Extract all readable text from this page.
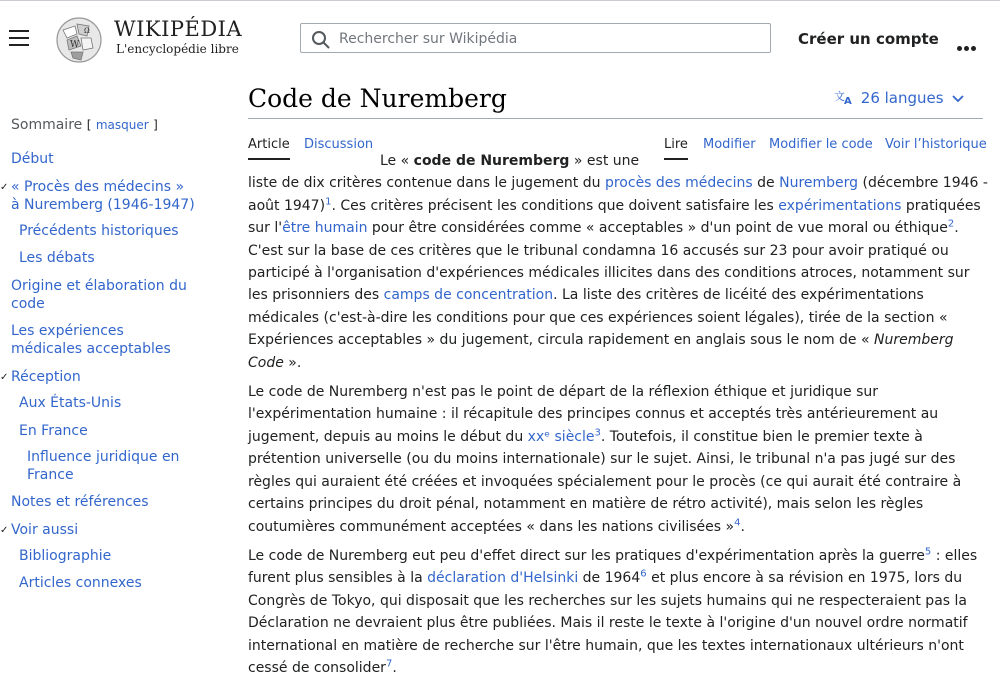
W
Ω WIKIPÉDIA
L'encyclopédie libre
Rechercher sur Wikipédia
Créer un compte
Sommaire [ masquer ]
Début
✓ « Procès des médecins »
à Nuremberg (1946-1947)
Précédents historiques
Les débats
Origine et élaboration du
code
Les expériences
médicales acceptables
✓ Réception
Aux États-Unis
En France
Influence juridique en
France
Notes et références
✓ Voir aussi
Bibliographie
Articles connexes
Code de Nuremberg	文 A 26 langues
Article Discussion	Lire Modifier Modifier le code Voir l’historique

Le « code de Nuremberg » est une
liste de dix critères contenue dans le jugement du procès des médecins de Nuremberg (décembre 1946 - août 1947)$^1$. Ces critères précisent les conditions que doivent satisfaire les expérimentations pratiquées sur l'être humain pour être considérées comme « acceptables » d'un point de vue moral ou éthique$^2$. C'est sur la base de ces critères que le tribunal condamna 16 accusés sur 23 pour avoir pratiqué ou participé à l'organisation d'expériences médicales illicites dans des conditions atroces, notamment sur les prisonniers des camps de concentration. La liste des critères de licéité des expérimentations médicales (c'est-à-dire les conditions pour que ces expériences soient légales), tirée de la section « Expériences acceptables » du jugement, circula rapidement en anglais sous le nom de « Nuremberg Code ».

Le code de Nuremberg n'est pas le point de départ de la réflexion éthique et juridique sur l'expérimentation humaine : il récapitule des principes connus et acceptés très antérieurement au jugement, depuis au moins le début du xxᵉ siècle$^3$. Toutefois, il constitue bien le premier texte à prétention universelle (ou du moins internationale) sur le sujet. Ainsi, le tribunal n'a pas jugé sur des règles qui auraient été créées et invoquées spécialement pour le procès (ce qui aurait été contraire à certains principes du droit pénal, notamment en matière de rétro activité), mais selon les règles coutumières communément acceptées « dans les nations civilisées »$^4$.

Le code de Nuremberg eut peu d'effet direct sur les pratiques d'expérimentation après la guerre$^5$ : elles furent plus sensibles à la déclaration d'Helsinki de 1964$^6$ et plus encore à sa révision en 1975, lors du Congrès de Tokyo, qui disposait que les recherches sur les sujets humains qui ne respecteraient pas la Déclaration ne devraient plus être publiées. Mais il reste le texte à l'origine d'un nouvel ordre normatif international en matière de recherche sur l'être humain, que les textes internationaux ultérieurs n'ont cessé de consolider$^7$.
